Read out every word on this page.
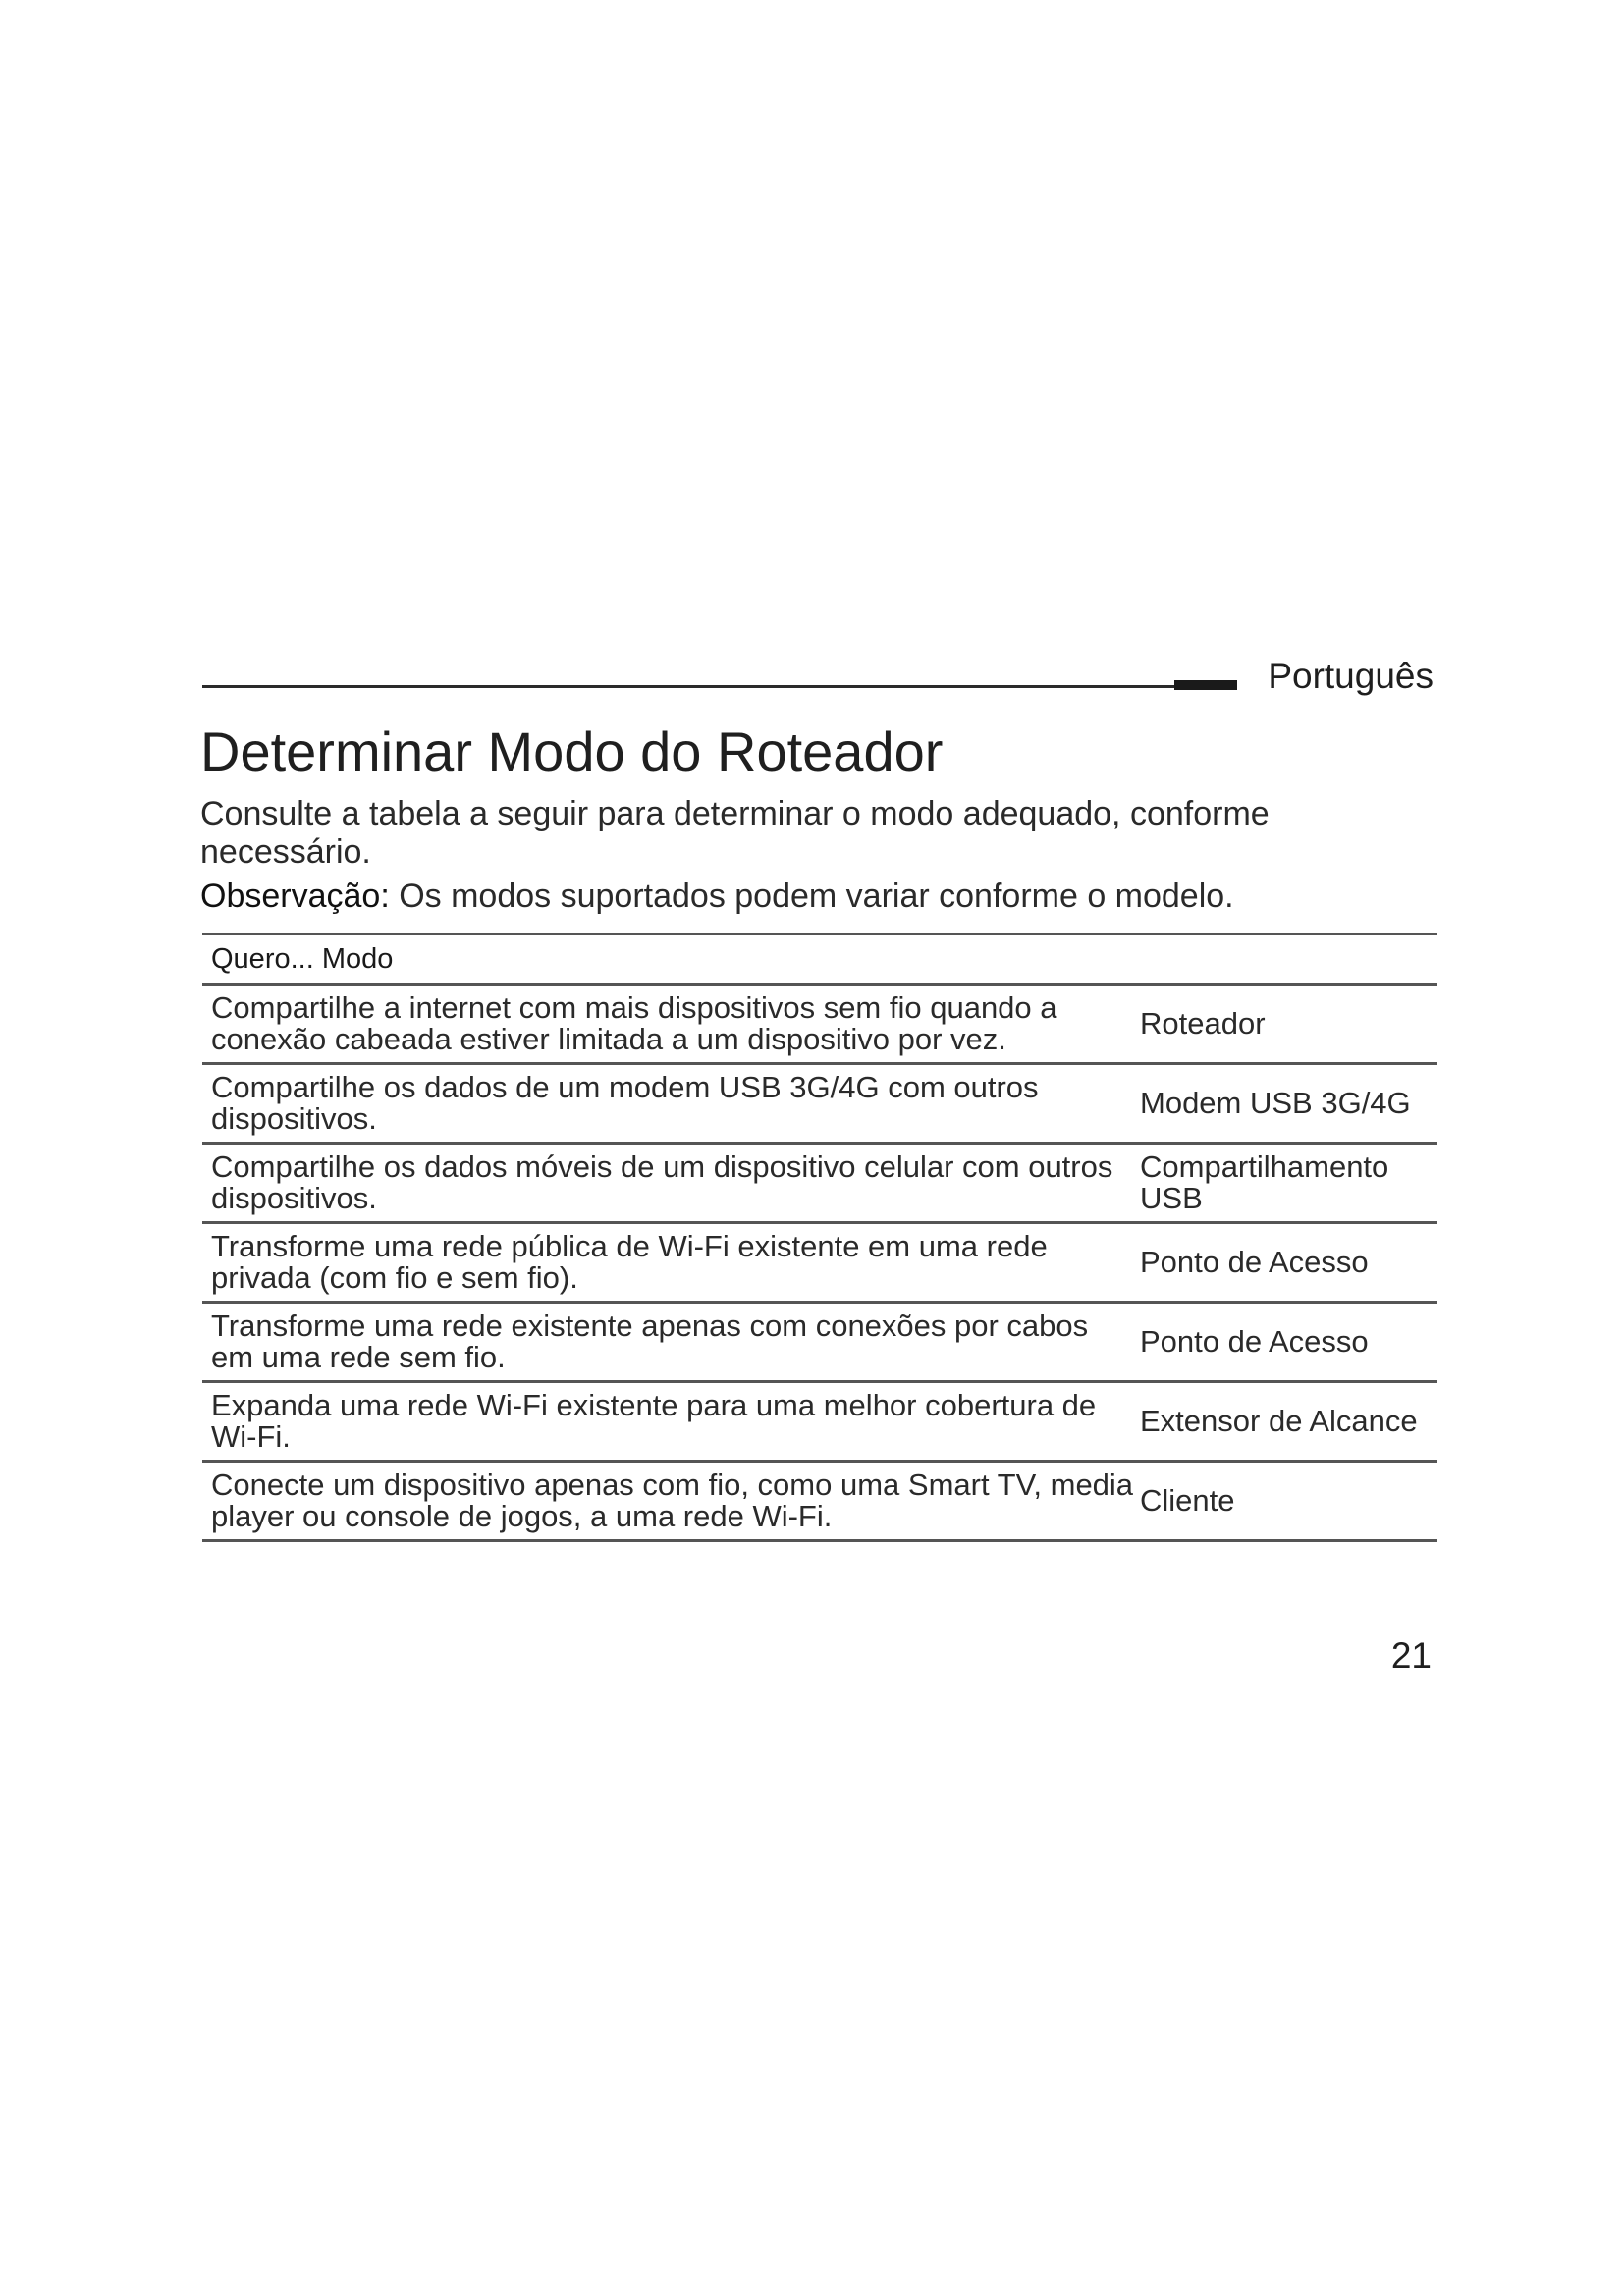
Português
Determinar Modo do Roteador

Consulte a tabela a seguir para determinar o modo adequado, conforme necessário.

Observação: Os modos suportados podem variar conforme o modelo.

Quero... Modo	
Compartilhe a internet com mais dispositivos sem fio quando a conexão cabeada estiver limitada a um dispositivo por vez.	Roteador
Compartilhe os dados de um modem USB 3G/4G com outros dispositivos.	Modem USB 3G/4G
Compartilhe os dados móveis de um dispositivo celular com outros dispositivos.	Compartilhamento USB
Transforme uma rede pública de Wi-Fi existente em uma rede privada (com fio e sem fio).	Ponto de Acesso
Transforme uma rede existente apenas com conexões por cabos em uma rede sem fio.	Ponto de Acesso
Expanda uma rede Wi-Fi existente para uma melhor cobertura de Wi-Fi.	Extensor de Alcance
Conecte um dispositivo apenas com fio, como uma Smart TV, media player ou console de jogos, a uma rede Wi-Fi.	Cliente
21
